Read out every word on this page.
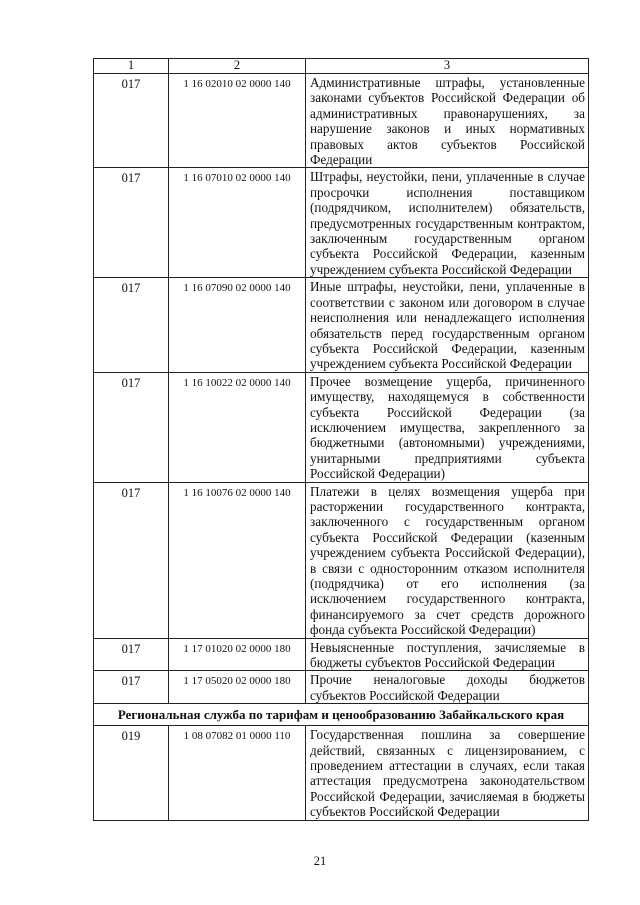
1	2	3
017	1 16 02010 02 0000 140	Административные штрафы, установленные законами субъектов Российской Федерации об административных правонарушениях, за нарушение законов и иных нормативных правовых актов субъектов Российской Федерации
017	1 16 07010 02 0000 140	Штрафы, неустойки, пени, уплаченные в случае просрочки исполнения поставщиком (подрядчиком, исполнителем) обязательств, предусмотренных государственным контрактом, заключенным государственным органом субъекта Российской Федерации, казенным учреждением субъекта Российской Федерации
017	1 16 07090 02 0000 140	Иные штрафы, неустойки, пени, уплаченные в соответствии с законом или договором в случае неисполнения или ненадлежащего исполнения обязательств перед государственным органом субъекта Российской Федерации, казенным учреждением субъекта Российской Федерации
017	1 16 10022 02 0000 140	Прочее возмещение ущерба, причиненного имуществу, находящемуся в собственности субъекта Российской Федерации (за исключением имущества, закрепленного за бюджетными (автономными) учреждениями, унитарными предприятиями субъекта Российской Федерации)
017	1 16 10076 02 0000 140	Платежи в целях возмещения ущерба при расторжении государственного контракта, заключенного с государственным органом субъекта Российской Федерации (казенным учреждением субъекта Российской Федерации), в связи с односторонним отказом исполнителя (подрядчика) от его исполнения (за исключением государственного контракта, финансируемого за счет средств дорожного фонда субъекта Российской Федерации)
017	1 17 01020 02 0000 180	Невыясненные поступления, зачисляемые в бюджеты субъектов Российской Федерации
017	1 17 05020 02 0000 180	Прочие неналоговые доходы бюджетов субъектов Российской Федерации
Региональная служба по тарифам и ценообразованию Забайкальского края		
019	1 08 07082 01 0000 110	Государственная пошлина за совершение действий, связанных с лицензированием, с проведением аттестации в случаях, если такая аттестация предусмотрена законодательством Российской Федерации, зачисляемая в бюджеты субъектов Российской Федерации
21
